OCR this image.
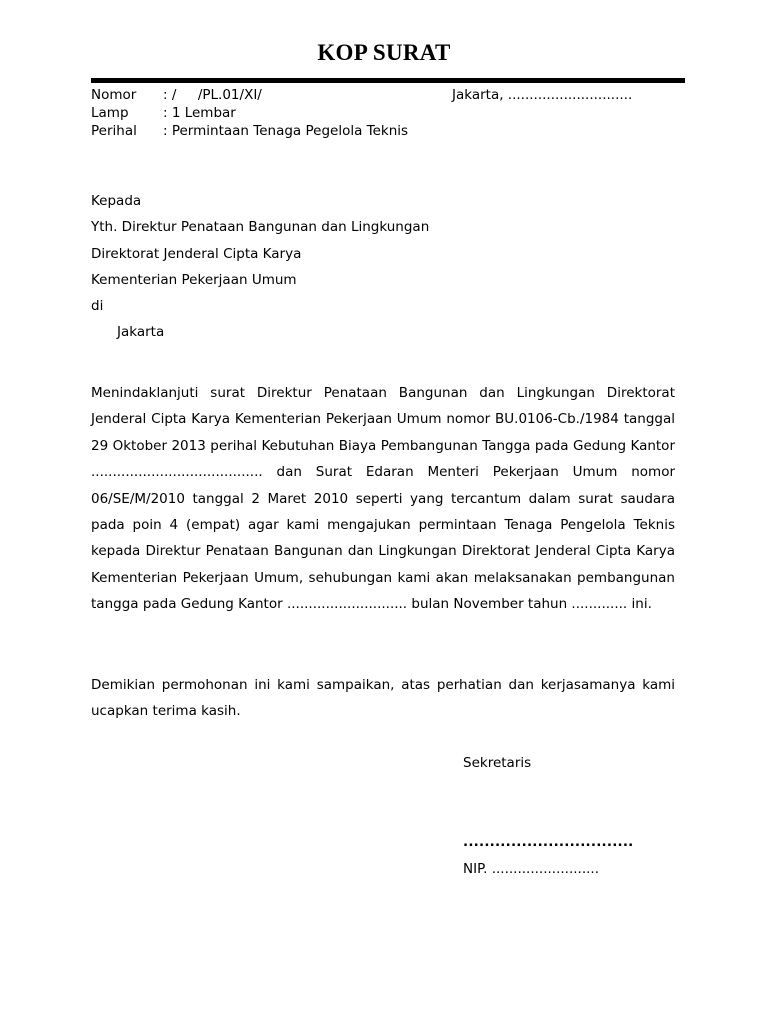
KOP SURAT
Nomor : /     /PL.01/XI/
Lamp	: 1 Lembar
Perihal : Permintaan Tenaga Pegelola Teknis
Jakarta, .............................
Kepada
Yth. Direktur Penataan Bangunan dan Lingkungan
Direktorat Jenderal Cipta Karya
Kementerian Pekerjaan Umum
di
Jakarta

Menindaklanjuti surat Direktur Penataan Bangunan dan Lingkungan Direktorat Jenderal Cipta Karya Kementerian Pekerjaan Umum nomor BU.0106-Cb./1984 tanggal 29 Oktober 2013 perihal Kebutuhan Biaya Pembangunan Tangga pada Gedung Kantor ........................................ dan Surat Edaran Menteri Pekerjaan Umum nomor 06/SE/M/2010 tanggal 2 Maret 2010 seperti yang tercantum dalam surat saudara pada poin 4 (empat) agar kami mengajukan permintaan Tenaga Pengelola Teknis kepada Direktur Penataan Bangunan dan Lingkungan Direktorat Jenderal Cipta Karya Kementerian Pekerjaan Umum, sehubungan kami akan melaksanakan pembangunan tangga pada Gedung Kantor ............................ bulan November tahun ............. ini.

Demikian permohonan ini kami sampaikan, atas perhatian dan kerjasamanya kami ucapkan terima kasih.

Sekretaris
................................
NIP. .........................
